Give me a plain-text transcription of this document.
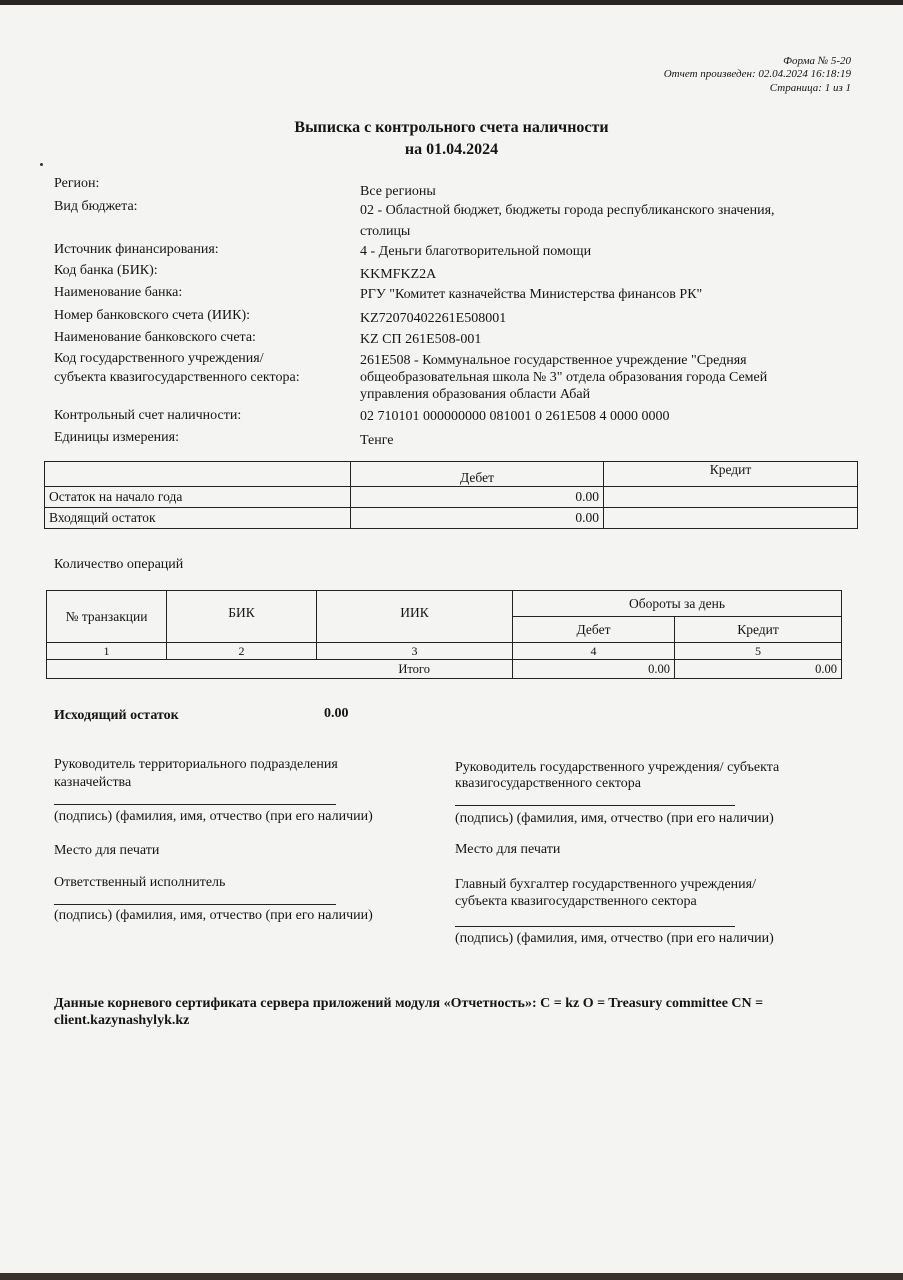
Форма № 5-20
Отчет произведен: 02.04.2024 16:18:19
Страница: 1 из 1
Выписка с контрольного счета наличности
на 01.04.2024
Регион:
Все регионы
Вид бюджета:	02 - Областной бюджет, бюджеты города республиканского значения,
столицы
Источник финансирования:	4 - Деньги благотворительной помощи
Код банка (БИК):	KKMFKZ2A
Наименование банка:	РГУ "Комитет казначейства Министерства финансов РК"
Номер банковского счета (ИИК):	KZ72070402261E508001
Наименование банковского счета:	KZ СП 261E508-001
Код государственного учреждения/
субъекта квазигосударственного сектора:
261E508 - Коммунальное государственное учреждение "Средняя
общеобразовательная школа № 3" отдела образования города Семей
управления образования области Абай
Контрольный счет наличности:	02 710101 000000000 081001 0 261E508 4 0000 0000
Единицы измерения:	Тенге
	Дебет	Кредит
Остаток на начало года	0.00	
Входящий остаток	0.00	
Количество операций
№ транзакции	БИК	ИИК	Обороты за день	
			Дебет	Кредит
1	2	3	4	5
Итого			0.00	0.00
Исходящий остаток	0.00
Руководитель территориального подразделения
казначейства
(подпись) (фамилия, имя, отчество (при его наличии)
Место для печати
Ответственный исполнитель
(подпись) (фамилия, имя, отчество (при его наличии)
Руководитель государственного учреждения/ субъекта
квазигосударственного сектора
(подпись) (фамилия, имя, отчество (при его наличии)
Место для печати
Главный бухгалтер государственного учреждения/
субъекта квазигосударственного сектора
(подпись) (фамилия, имя, отчество (при его наличии)
Данные корневого сертификата сервера приложений модуля «Отчетность»: C = kz O = Treasury committee CN =
client.kazynashylyk.kz
